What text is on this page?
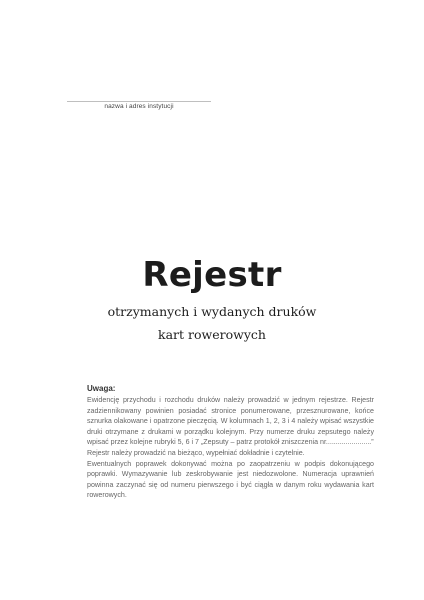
nazwa i adres instytucji
Rejestr
otrzymanych i wydanych druków
kart rowerowych
Uwaga:

Ewidencję przychodu i rozchodu druków należy prowadzić w jednym rejestrze. Rejestr zadziennikowany powinien posiadać stronice ponumerowane, przesznurowane, końce sznurka olakowane i opatrzone pieczęcią. W kolumnach 1, 2, 3 i 4 należy wpisać wszystkie druki otrzymane z drukami w porządku kolejnym. Przy numerze druku zepsutego należy wpisać przez kolejne rubryki 5, 6 i 7 „Zepsuty – patrz protokół zniszczenia nr.......................”

Rejestr należy prowadzić na bieżąco, wypełniać dokładnie i czytelnie.

Ewentualnych poprawek dokonywać można po zaopatrzeniu w podpis dokonującego poprawki. Wymazywanie lub zeskrobywanie jest niedozwolone. Numeracja uprawnień powinna zaczynać się od numeru pierwszego i być ciągła w danym roku wydawania kart rowerowych.
